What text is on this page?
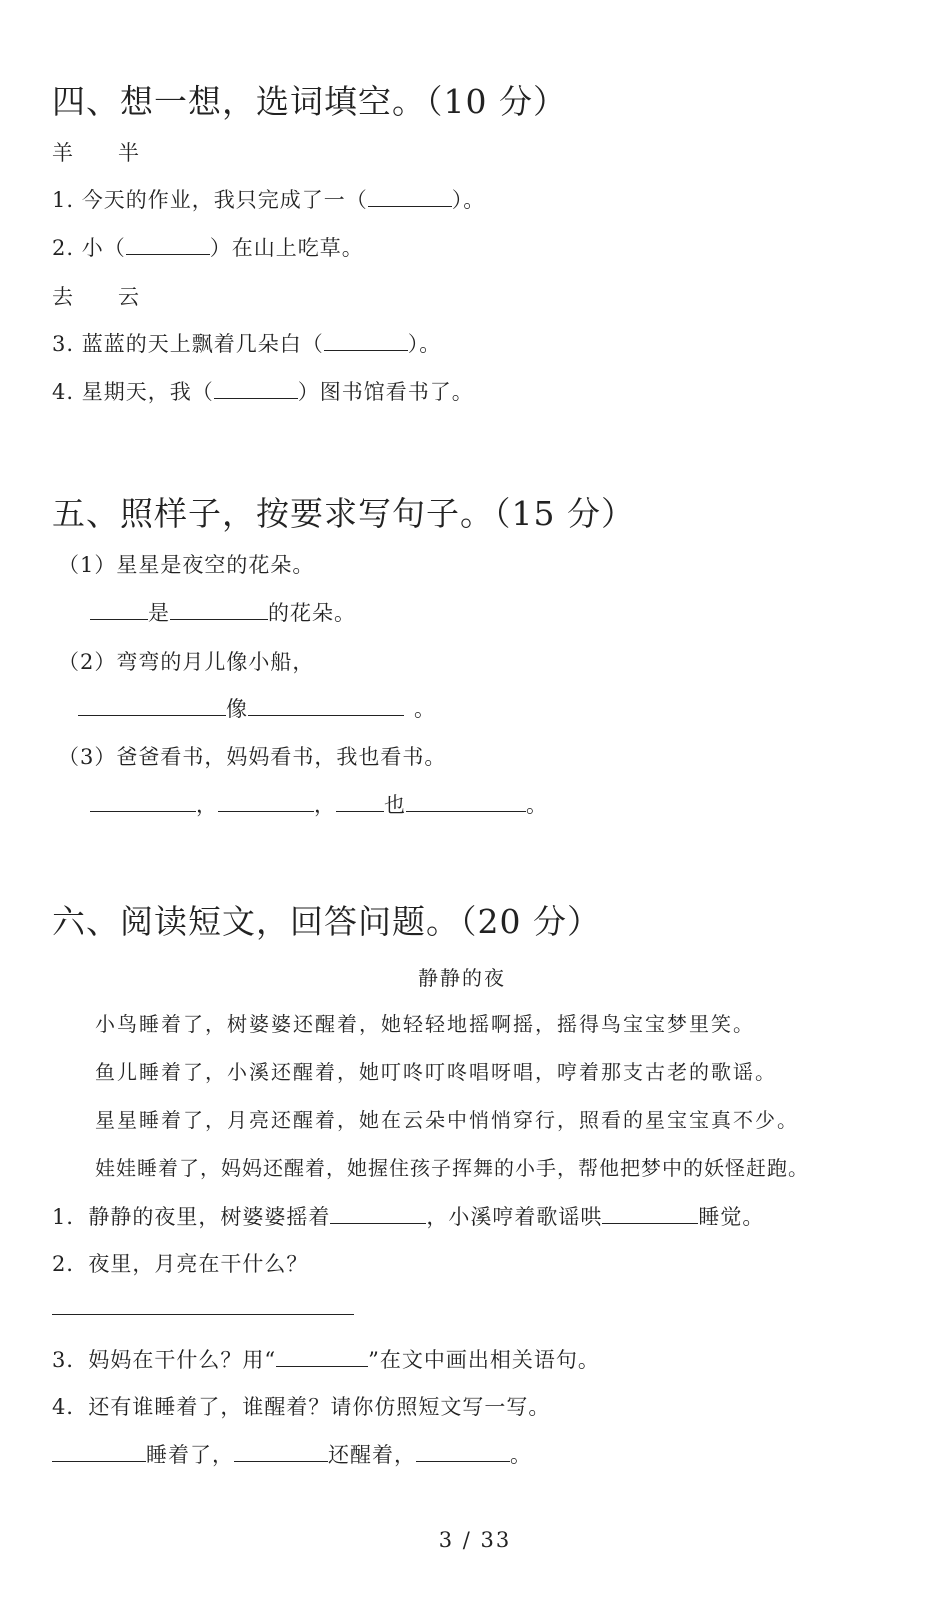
四、想一想，选词填空。（10 分）
羊　　半
1. 今天的作业，我只完成了一（	）。
2. 小（	）在山上吃草。
去　　云
3. 蓝蓝的天上飘着几朵白（	）。
4. 星期天，我（	）图书馆看书了。
五、照样子，按要求写句子。（15 分）
（1）星星是夜空的花朵。
是	的花朵。
（2）弯弯的月儿像小船，
像	。
（3）爸爸看书，妈妈看书，我也看书。
，	， 也	。
六、阅读短文，回答问题。（20 分）
静静的夜
小鸟睡着了，树婆婆还醒着，她轻轻地摇啊摇，摇得鸟宝宝梦里笑。
鱼儿睡着了，小溪还醒着，她叮咚叮咚唱呀唱，哼着那支古老的歌谣。
星星睡着了，月亮还醒着，她在云朵中悄悄穿行，照看的星宝宝真不少。
娃娃睡着了，妈妈还醒着，她握住孩子挥舞的小手，帮他把梦中的妖怪赶跑。
1．静静的夜里，树婆婆摇着	，小溪哼着歌谣哄	睡觉。
2．夜里，月亮在干什么？
3．妈妈在干什么？用“	”在文中画出相关语句。
4．还有谁睡着了，谁醒着？请你仿照短文写一写。
睡着了，	还醒着，	。
3 / 33
